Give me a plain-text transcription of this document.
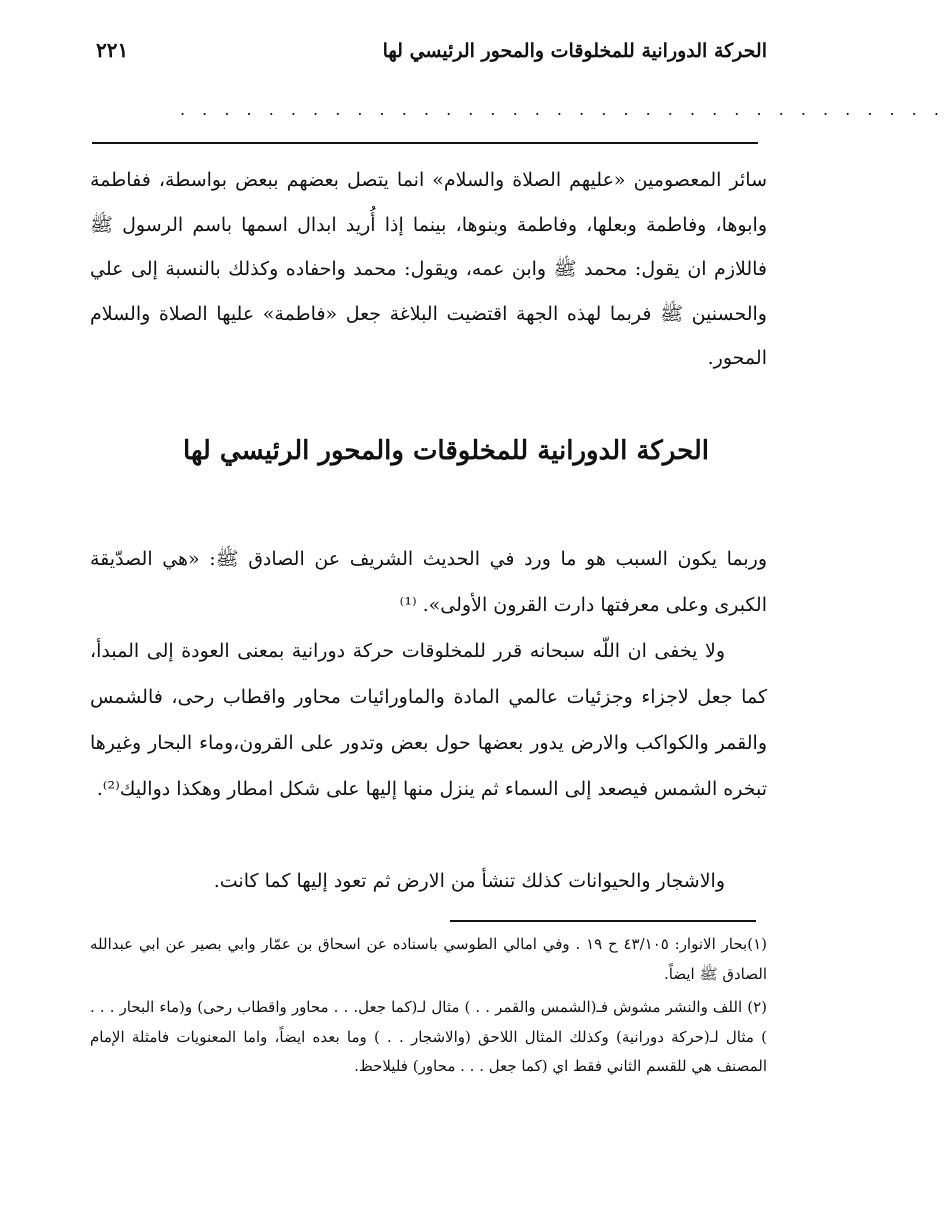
الحركة الدورانية للمخلوقات والمحور الرئيسي لها
٢٢١
. . . . . . . . . . . . . . . . . . . . . . . . . . . . . . . . . . .

سائر المعصومين «عليهم الصلاة والسلام» انما يتصل بعضهم ببعض بواسطة، ففاطمة وابوها، وفاطمة وبعلها، وفاطمة وبنوها، بينما إذا أُريد ابدال اسمها باسم الرسول ﷺ فاللازم ان يقول: محمد ﷺ وابن عمه، ويقول: محمد واحفاده وكذلك بالنسبة إلى علي والحسنين ﷺ فربما لهذه الجهة اقتضيت البلاغة جعل «فاطمة» عليها الصلاة والسلام المحور.

الحركة الدورانية للمخلوقات والمحور الرئيسي لها

وربما يكون السبب هو ما ورد في الحديث الشريف عن الصادق ﷺ: «هي الصدّيقة الكبرى وعلى معرفتها دارت القرون الأولى». ⁽¹⁾

ولا يخفى ان اللّه سبحانه قرر للمخلوقات حركة دورانية بمعنى العودة إلى المبدأ، كما جعل لاجزاء وجزئيات عالمي المادة والماورائيات محاور واقطاب رحى، فالشمس والقمر والكواكب والارض يدور بعضها حول بعض وتدور على القرون،وماء البحار وغيرها تبخره الشمس فيصعد إلى السماء ثم ينزل منها إليها على شكل امطار وهكذا دواليك⁽²⁾.

والاشجار والحيوانات كذلك تنشأ من الارض ثم تعود إليها كما كانت.

(١)بحار الانوار: ٤٣/١٠٥ ح ١٩ . وفي امالي الطوسي باسناده عن اسحاق بن عمّار وابي بصير عن ابي عبدالله الصادق ﷺ ايضاً.

(٢) اللف والنشر مشوش فـ(الشمس والقمر . . ) مثال لـ(كما جعل. . . محاور واقطاب رحى) و(ماء البحار . . . ) مثال لـ(حركة دورانية) وكذلك المثال اللاحق (والاشجار . . ) وما بعده ايضاً، واما المعنويات فامثلة الإمام المصنف هي للقسم الثاني فقط اي (كما جعل . . . محاور) فليلاحظ.
